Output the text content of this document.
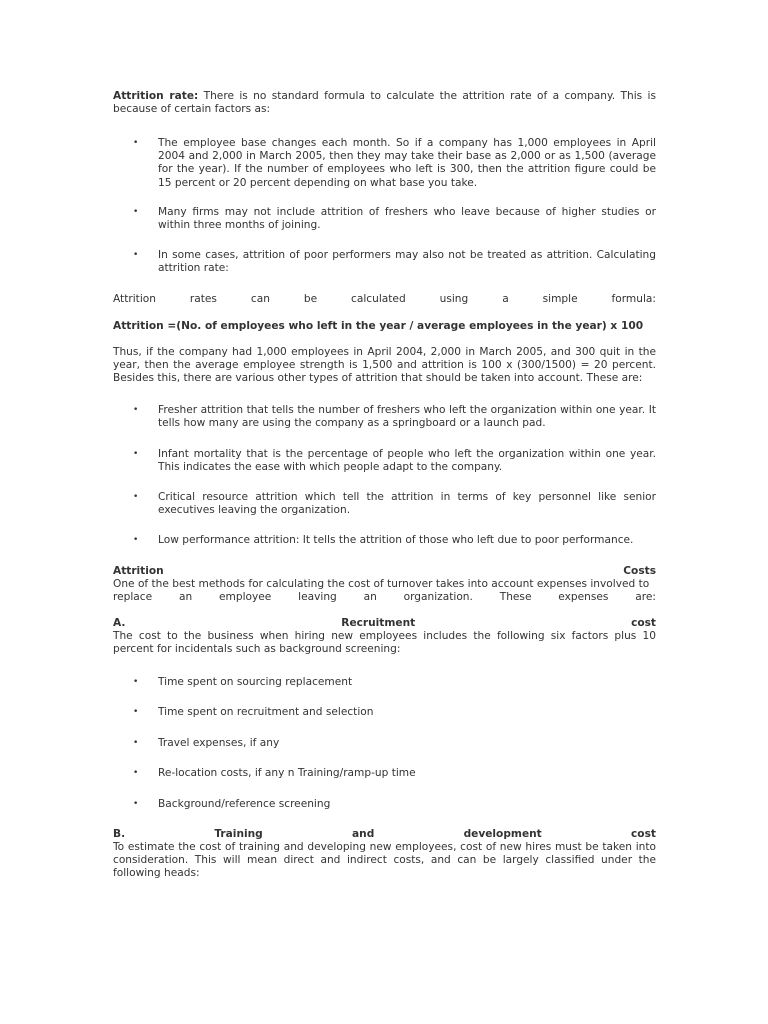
Attrition rate: There is no standard formula to calculate the attrition rate of a company. This is because of certain factors as:
• The employee base changes each month. So if a company has 1,000 employees in April 2004 and 2,000 in March 2005, then they may take their base as 2,000 or as 1,500 (average for the year). If the number of employees who left is 300, then the attrition figure could be 15 percent or 20 percent depending on what base you take.
• Many firms may not include attrition of freshers who leave because of higher studies or within three months of joining.
• In some cases, attrition of poor performers may also not be treated as attrition. Calculating attrition rate:
Attrition	rates	can	be	calculated	using	a	simple	formula:
Attrition =(No. of employees who left in the year / average employees in the year) x 100
Thus, if the company had 1,000 employees in April 2004, 2,000 in March 2005, and 300 quit in the year, then the average employee strength is 1,500 and attrition is 100 x (300/1500) = 20 percent. Besides this, there are various other types of attrition that should be taken into account. These are:
• Fresher attrition that tells the number of freshers who left the organization within one year. It tells how many are using the company as a springboard or a launch pad.
• Infant mortality that is the percentage of people who left the organization within one year. This indicates the ease with which people adapt to the company.
• Critical resource attrition which tell the attrition in terms of key personnel like senior executives leaving the organization.
• Low performance attrition: It tells the attrition of those who left due to poor performance.
Attrition	Costs
One of the best methods for calculating the cost of turnover takes into account expenses involved to
replace	an	employee	leaving	an	organization.	These	expenses	are:
A.	Recruitment	cost
The cost to the business when hiring new employees includes the following six factors plus 10 percent for incidentals such as background screening:
• Time spent on sourcing replacement
• Time spent on recruitment and selection
• Travel expenses, if any
• Re-location costs, if any n Training/ramp-up time
• Background/reference screening
B.	Training	and	development	cost
To estimate the cost of training and developing new employees, cost of new hires must be taken into consideration. This will mean direct and indirect costs, and can be largely classified under the following heads:
